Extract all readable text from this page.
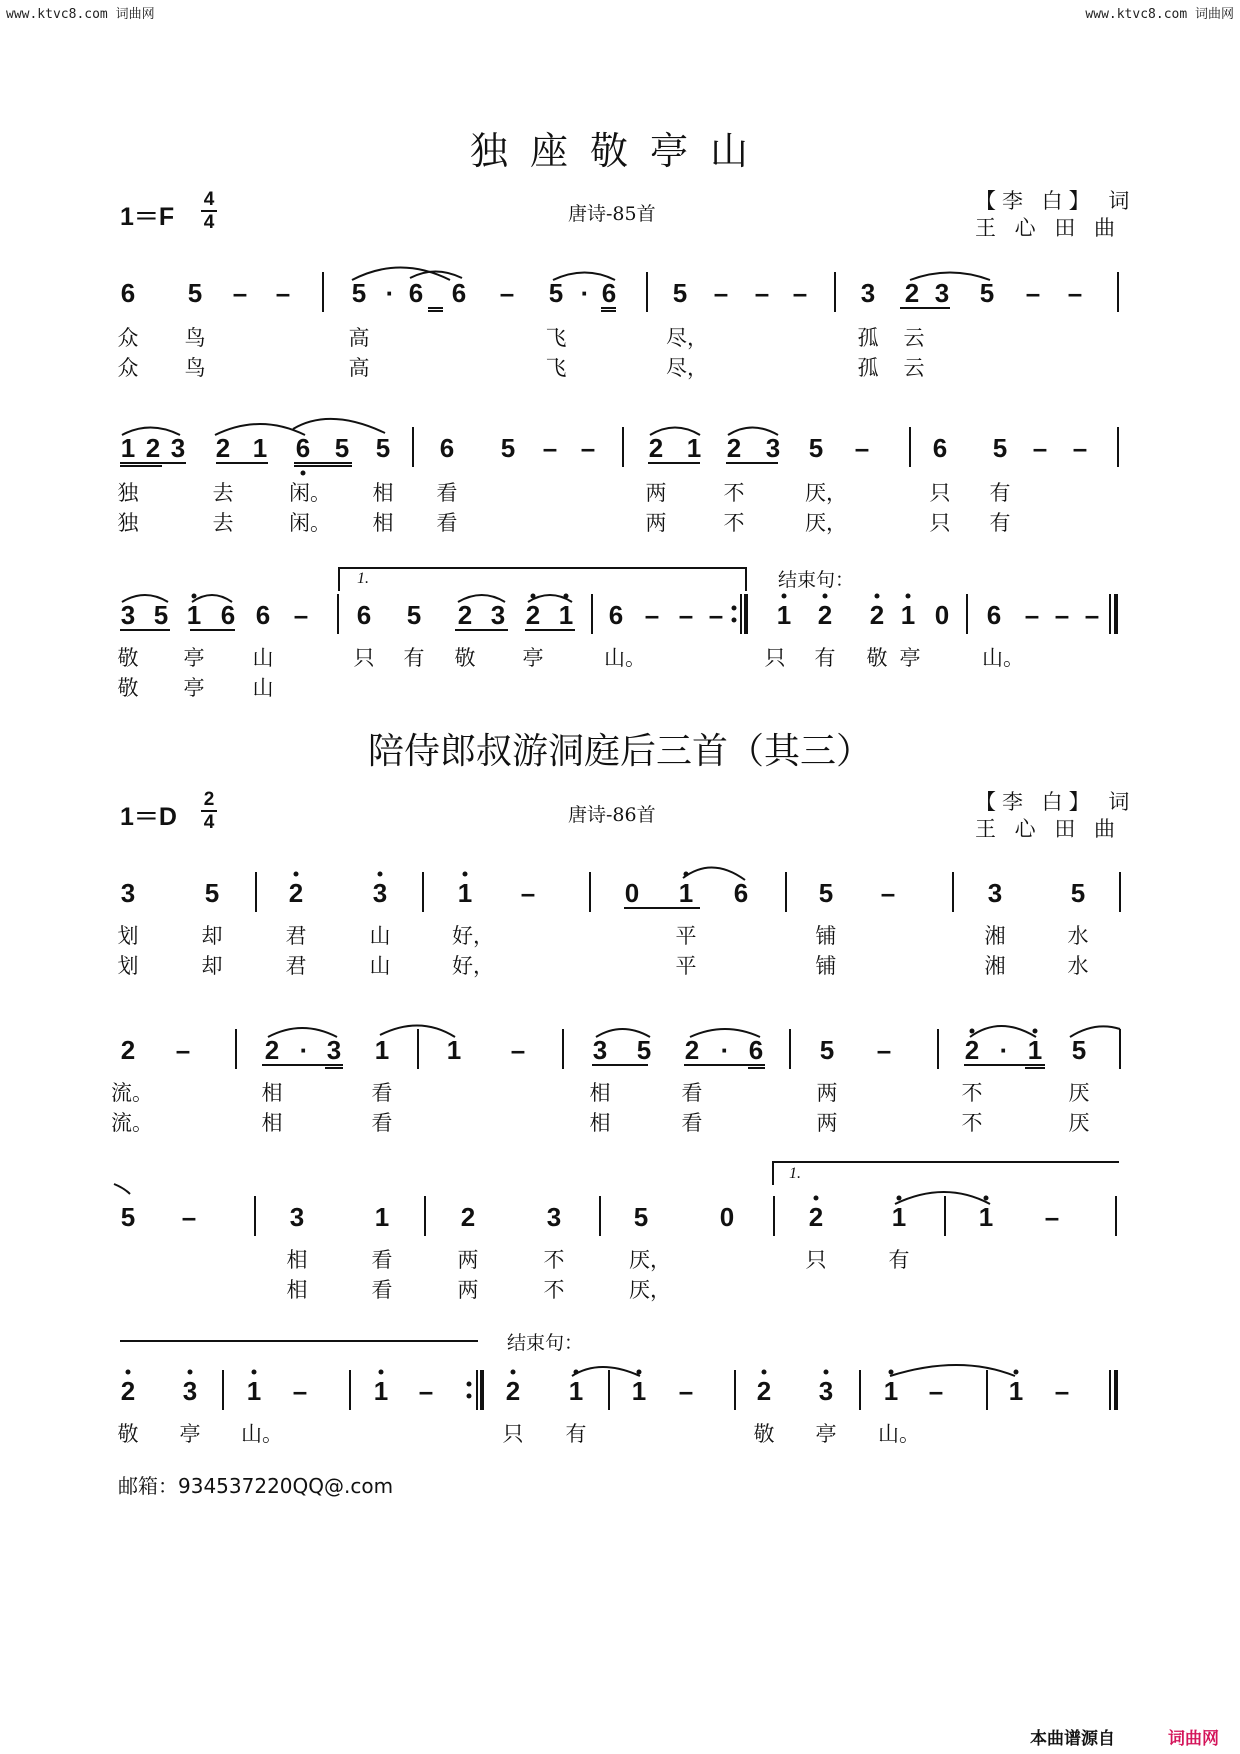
www.ktvc8.com 词曲网	www.ktvc8.com 词曲网
独座敬亭山
1＝F
4
4	唐诗-85首
【李 白】 词
王 心 田 曲
6 5 – – 5 · 6 6 – 5 · 6 5 – – – 3 2 3 5 – –
众 鸟	高	飞	尽，	孤 云
众 鸟	高	飞	尽，	孤 云
1 2 3 2 1 6 5 5 6 5 – – 2 1 2 3 5 – 6 5 – –
独	去	闲。 相 看	两	不	厌，	只 有
独	去	闲。 相 看	两	不	厌，	只 有
1.	结束句：
3 5 1 6 6 – 6 5 2 3 2 1 6 – – – 1 2 2 1 0 6 – – –
敬 亭 山	只 有 敬 亭	山。	只 有 敬 亭	山。
敬 亭 山
陪侍郎叔游洞庭后三首（其三）
1＝D
2
4	唐诗-86首
【李 白】 词
王 心 田 曲
3	5	2	3	1 –	0 1 6	5 –	3	5
划	却	君	山	好，	平	铺	湘	水
划	却	君	山	好，	平	铺	湘	水
2 –	2 · 3 1 1 –	3 5 2 · 6 5 –	2 · 1 5
流。	相	看	相	看	两	不	厌
流。	相	看	相	看	两	不	厌
1.
5 –	3	1	2	3	5	0	2	1	1 –
相	看	两	不	厌，	只	有
相	看	两	不	厌，
结束句：
2 3 1 –	1 –	2 1 1 – 2 3 1 –	1 –
敬 亭 山。	只 有	敬 亭 山。
邮箱：934537220QQ@.com
本曲谱源自	词曲网
